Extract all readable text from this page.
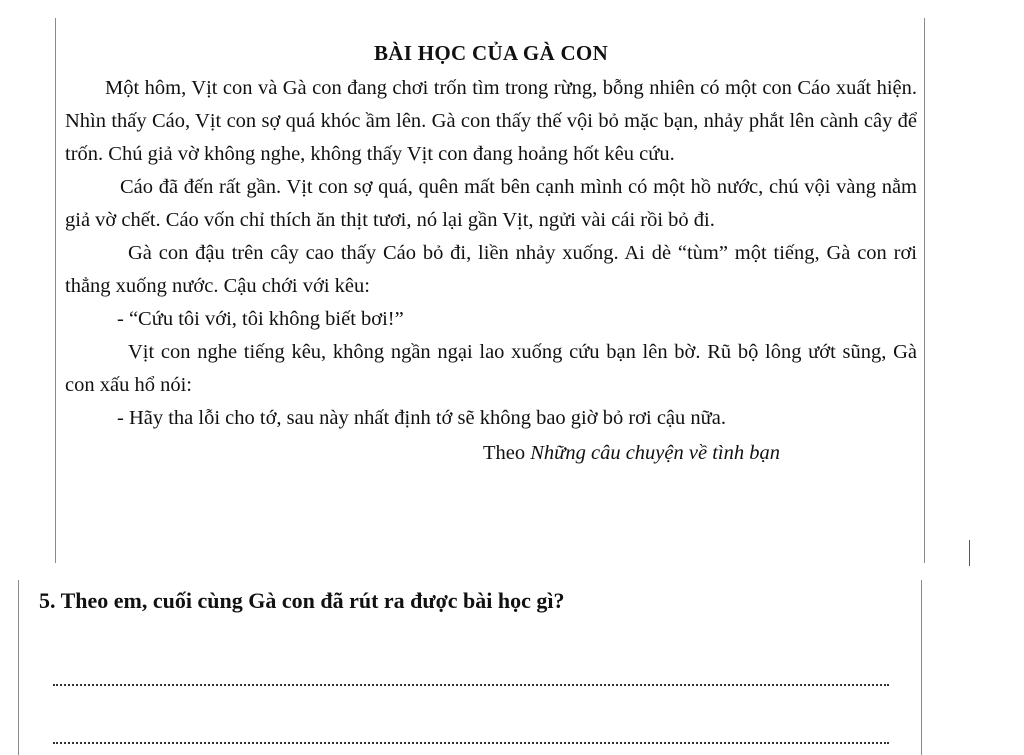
BÀI HỌC CỦA GÀ CON

Một hôm, Vịt con và Gà con đang chơi trốn tìm trong rừng, bỗng nhiên có một con Cáo xuất hiện. Nhìn thấy Cáo, Vịt con sợ quá khóc ầm lên. Gà con thấy thế vội bỏ mặc bạn, nhảy phắt lên cành cây để trốn. Chú giả vờ không nghe, không thấy Vịt con đang hoảng hốt kêu cứu.

Cáo đã đến rất gần. Vịt con sợ quá, quên mất bên cạnh mình có một hồ nước, chú vội vàng nằm giả vờ chết. Cáo vốn chỉ thích ăn thịt tươi, nó lại gần Vịt, ngửi vài cái rồi bỏ đi.

Gà con đậu trên cây cao thấy Cáo bỏ đi, liền nhảy xuống. Ai dè “tùm” một tiếng, Gà con rơi thẳng xuống nước. Cậu chới với kêu:

- “Cứu tôi với, tôi không biết bơi!”

Vịt con nghe tiếng kêu, không ngần ngại lao xuống cứu bạn lên bờ. Rũ bộ lông ướt sũng, Gà con xấu hổ nói:

- Hãy tha lỗi cho tớ, sau này nhất định tớ sẽ không bao giờ bỏ rơi cậu nữa.

Theo Những câu chuyện về tình bạn

5. Theo em, cuối cùng Gà con đã rút ra được bài học gì?
